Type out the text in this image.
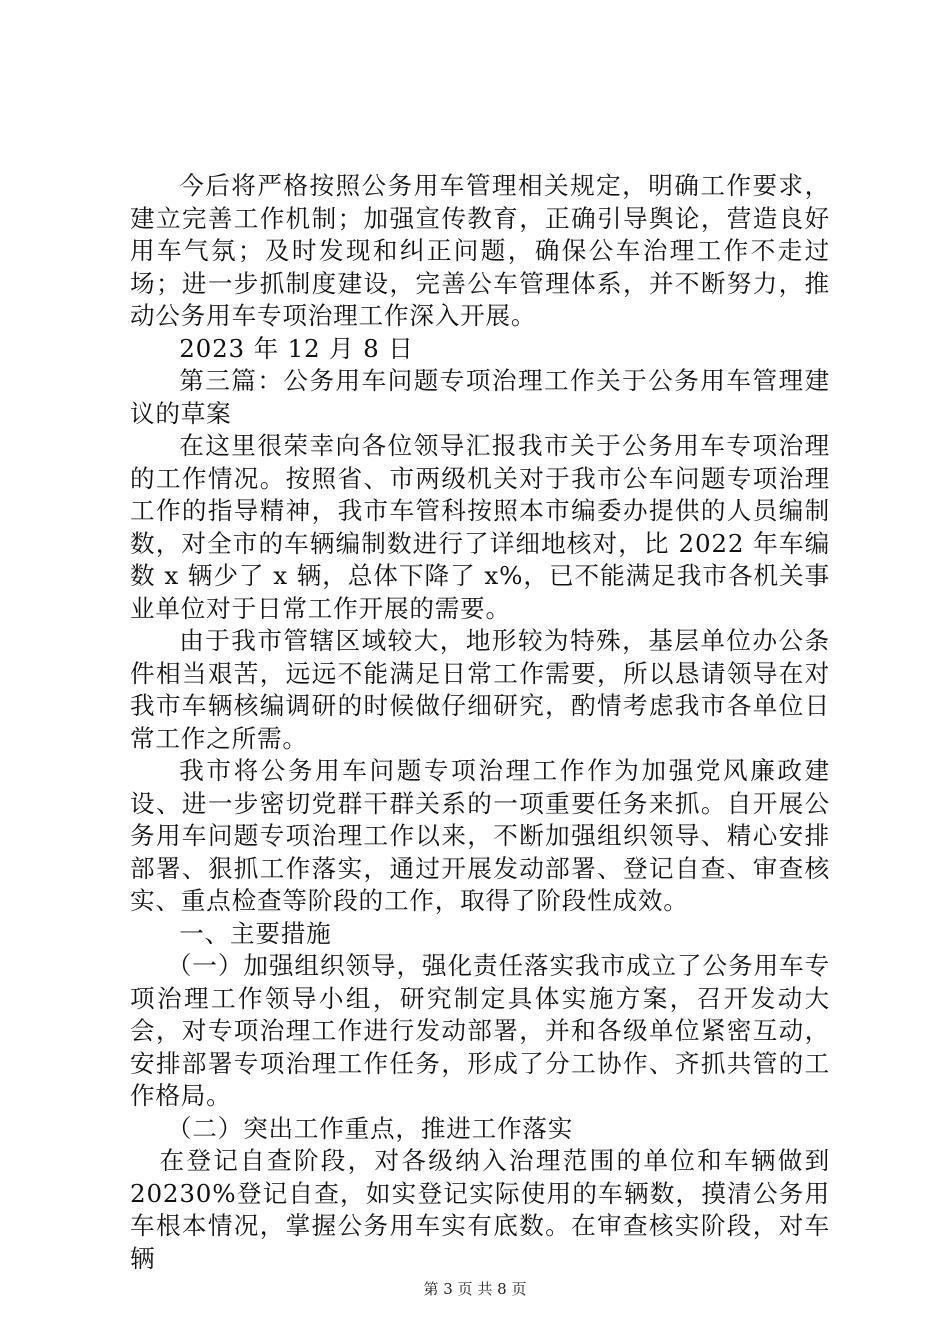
今后将严格按照公务用车管理相关规定，明确工作要求，建立完善工作机制；加强宣传教育，正确引导舆论，营造良好用车气氛；及时发现和纠正问题，确保公车治理工作不走过场；进一步抓制度建设，完善公车管理体系，并不断努力，推动公务用车专项治理工作深入开展。

2023 年 12 月 8 日

第三篇：公务用车问题专项治理工作关于公务用车管理建议的草案

在这里很荣幸向各位领导汇报我市关于公务用车专项治理的工作情况。按照省、市两级机关对于我市公车问题专项治理工作的指导精神，我市车管科按照本市编委办提供的人员编制数，对全市的车辆编制数进行了详细地核对，比 2022 年车编数 x 辆少了 x 辆，总体下降了 x%，已不能满足我市各机关事业单位对于日常工作开展的需要。

由于我市管辖区域较大，地形较为特殊，基层单位办公条件相当艰苦，远远不能满足日常工作需要，所以恳请领导在对我市车辆核编调研的时候做仔细研究，酌情考虑我市各单位日常工作之所需。

我市将公务用车问题专项治理工作作为加强党风廉政建设、进一步密切党群干群关系的一项重要任务来抓。自开展公务用车问题专项治理工作以来，不断加强组织领导、精心安排部署、狠抓工作落实，通过开展发动部署、登记自查、审查核实、重点检查等阶段的工作，取得了阶段性成效。

一、主要措施

（一）加强组织领导，强化责任落实我市成立了公务用车专项治理工作领导小组，研究制定具体实施方案，召开发动大会，对专项治理工作进行发动部署，并和各级单位紧密互动，安排部署专项治理工作任务，形成了分工协作、齐抓共管的工作格局。

（二）突出工作重点，推进工作落实

在登记自查阶段，对各级纳入治理范围的单位和车辆做到20230%登记自查，如实登记实际使用的车辆数，摸清公务用车根本情况，掌握公务用车实有底数。在审查核实阶段，对车辆

第 3 页 共 8 页
